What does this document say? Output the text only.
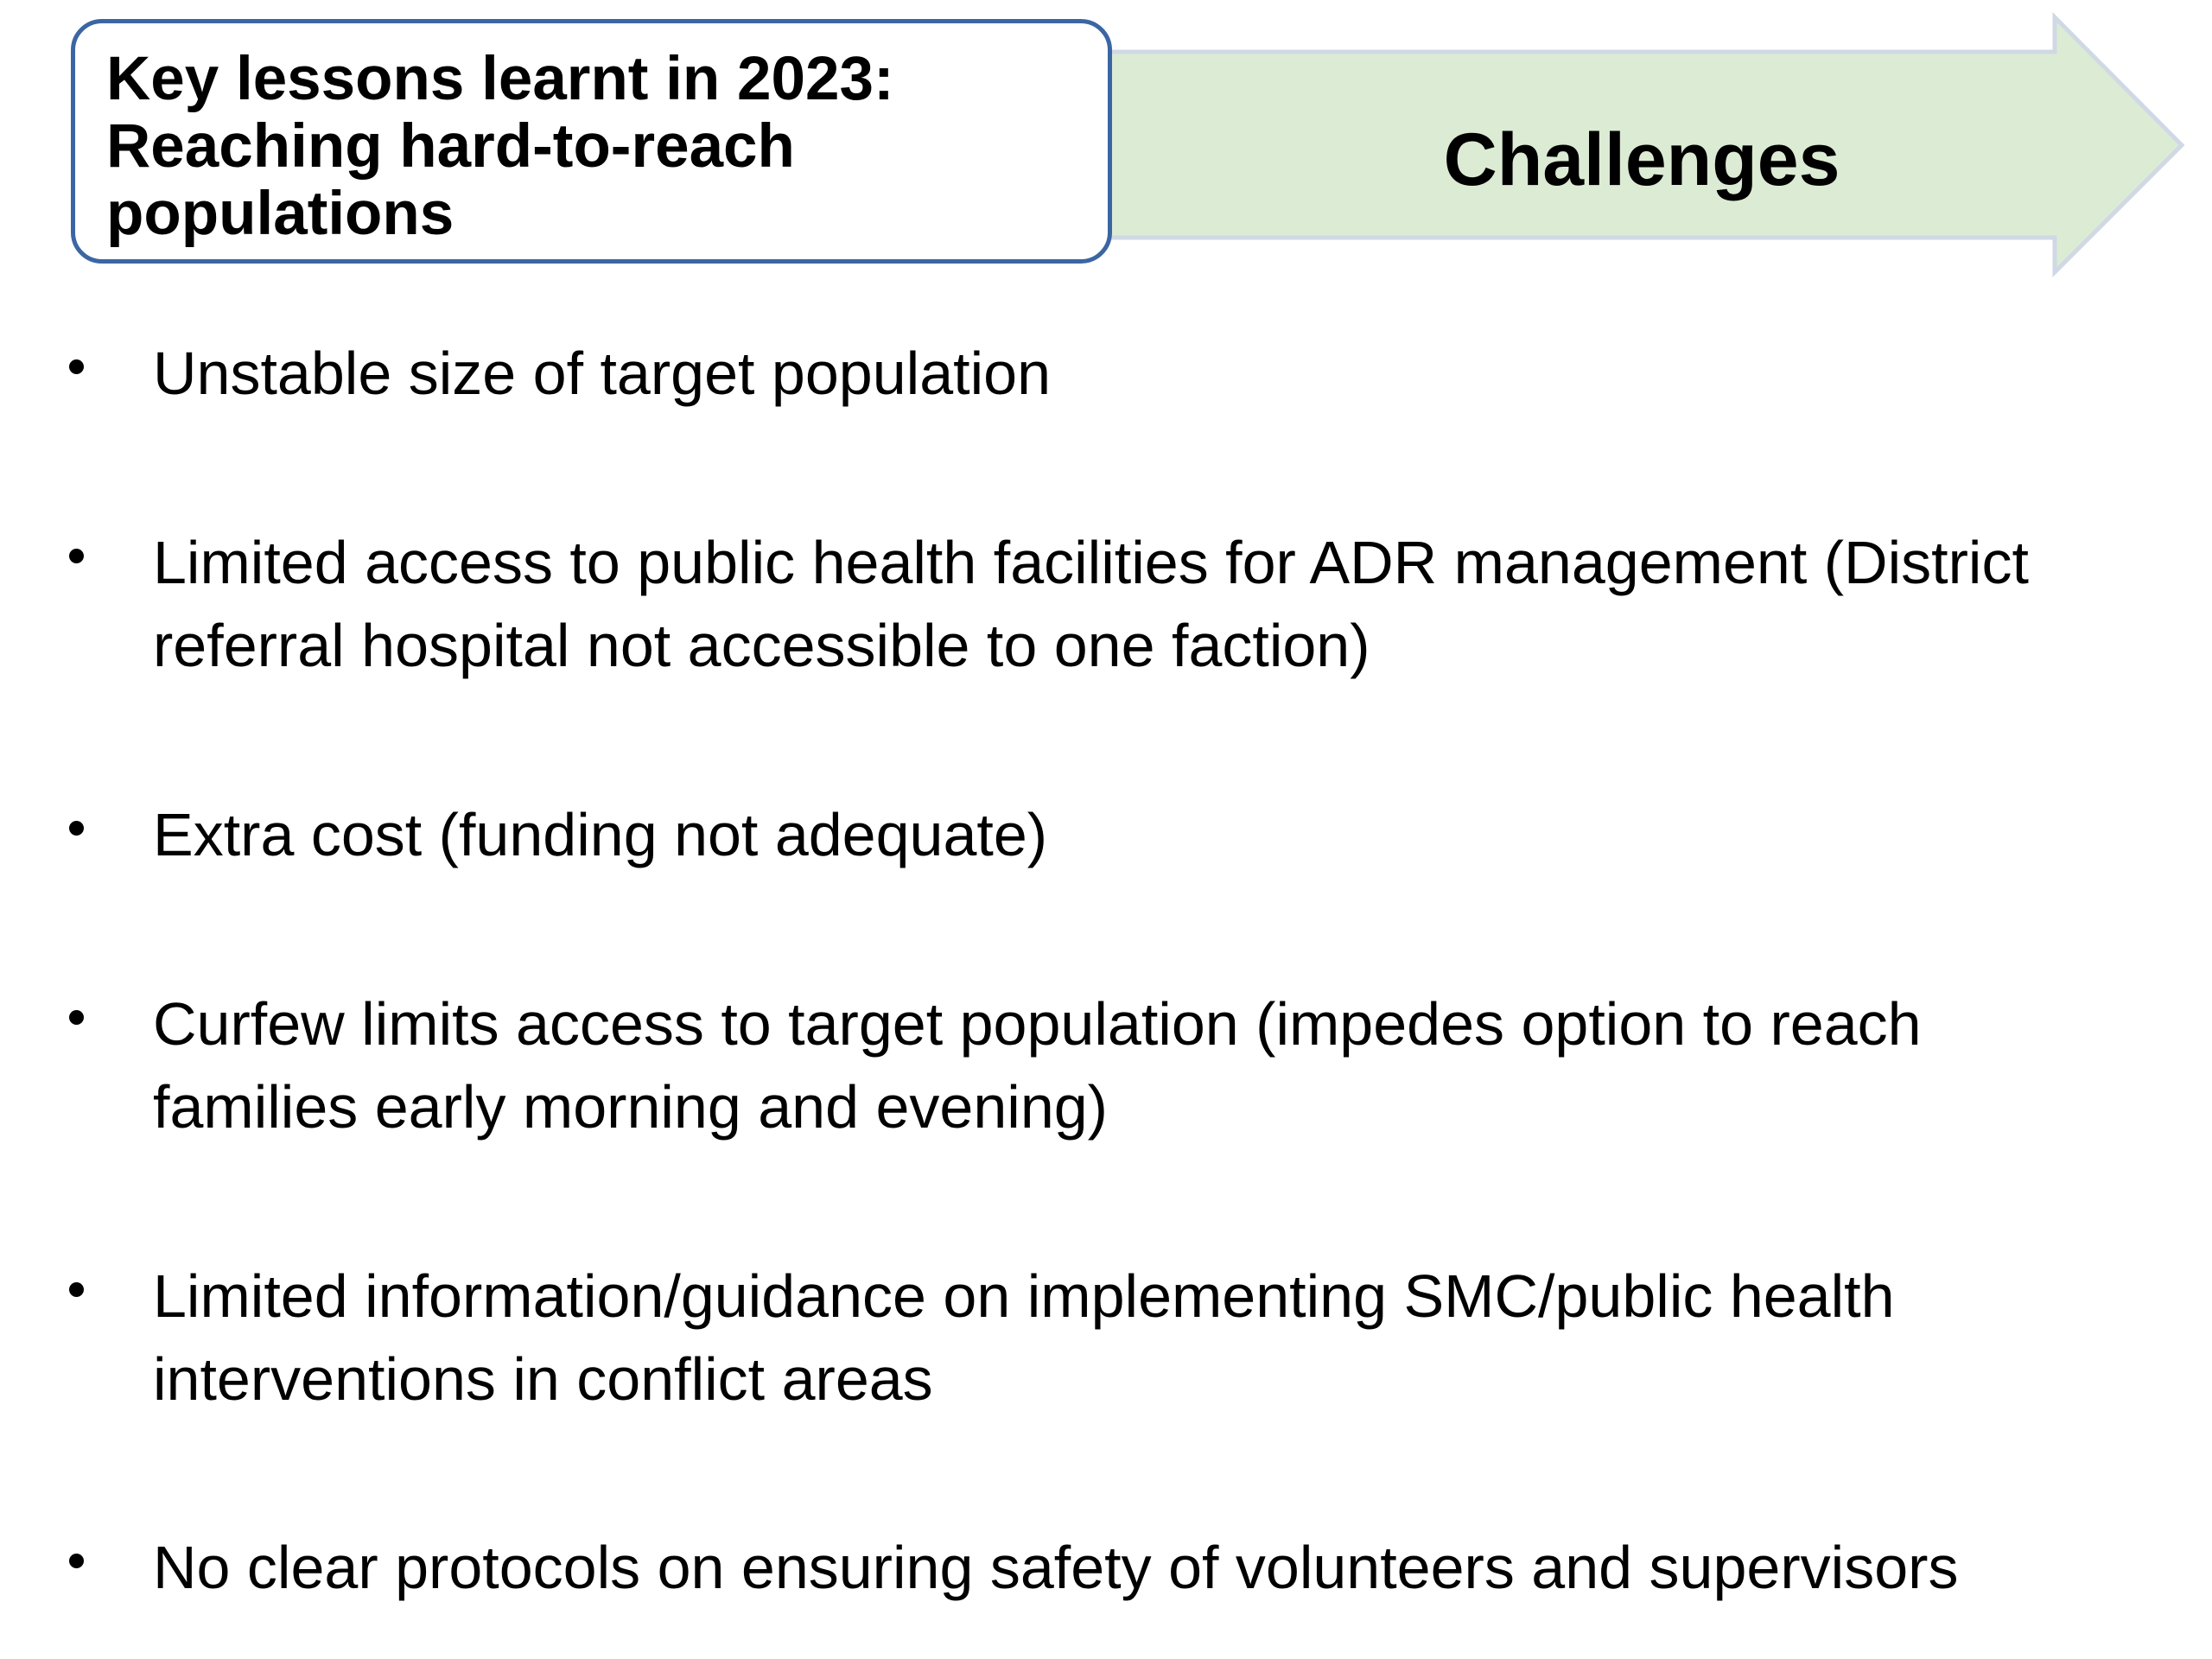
Challenges
Key lessons learnt in 2023:
Reaching hard-to-reach
populations
Unstable size of target population
Limited access to public health facilities for ADR management (District
referral hospital not accessible to one faction)
Extra cost (funding not adequate)
Curfew limits access to target population (impedes option to reach
families early morning and evening)
Limited information/guidance on implementing SMC/public health
interventions in conflict areas
No clear protocols on ensuring safety of volunteers and supervisors
